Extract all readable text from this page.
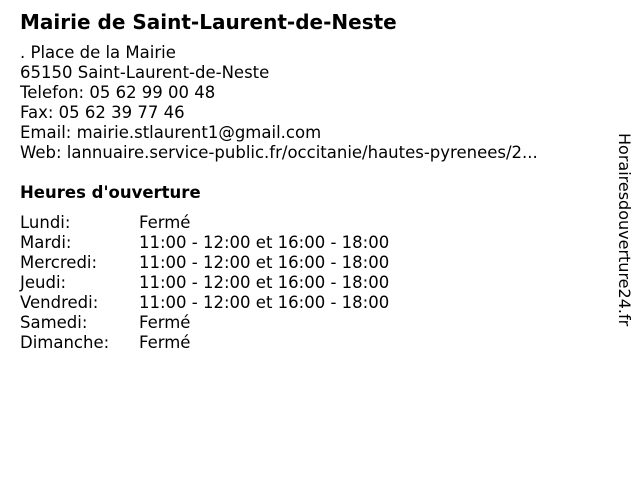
Mairie de Saint-Laurent-de-Neste
. Place de la Mairie
65150 Saint-Laurent-de-Neste
Telefon: 05 62 99 00 48
Fax: 05 62 39 77 46
Email: mairie.stlaurent1@gmail.com
Web: lannuaire.service-public.fr/occitanie/hautes-pyrenees/2...
Heures d'ouverture
Lundi:	Fermé
Mardi:	11:00 - 12:00 et 16:00 - 18:00
Mercredi:	11:00 - 12:00 et 16:00 - 18:00
Jeudi:	11:00 - 12:00 et 16:00 - 18:00
Vendredi:	11:00 - 12:00 et 16:00 - 18:00
Samedi:	Fermé
Dimanche:	Fermé
Horairesdouverture24.fr
